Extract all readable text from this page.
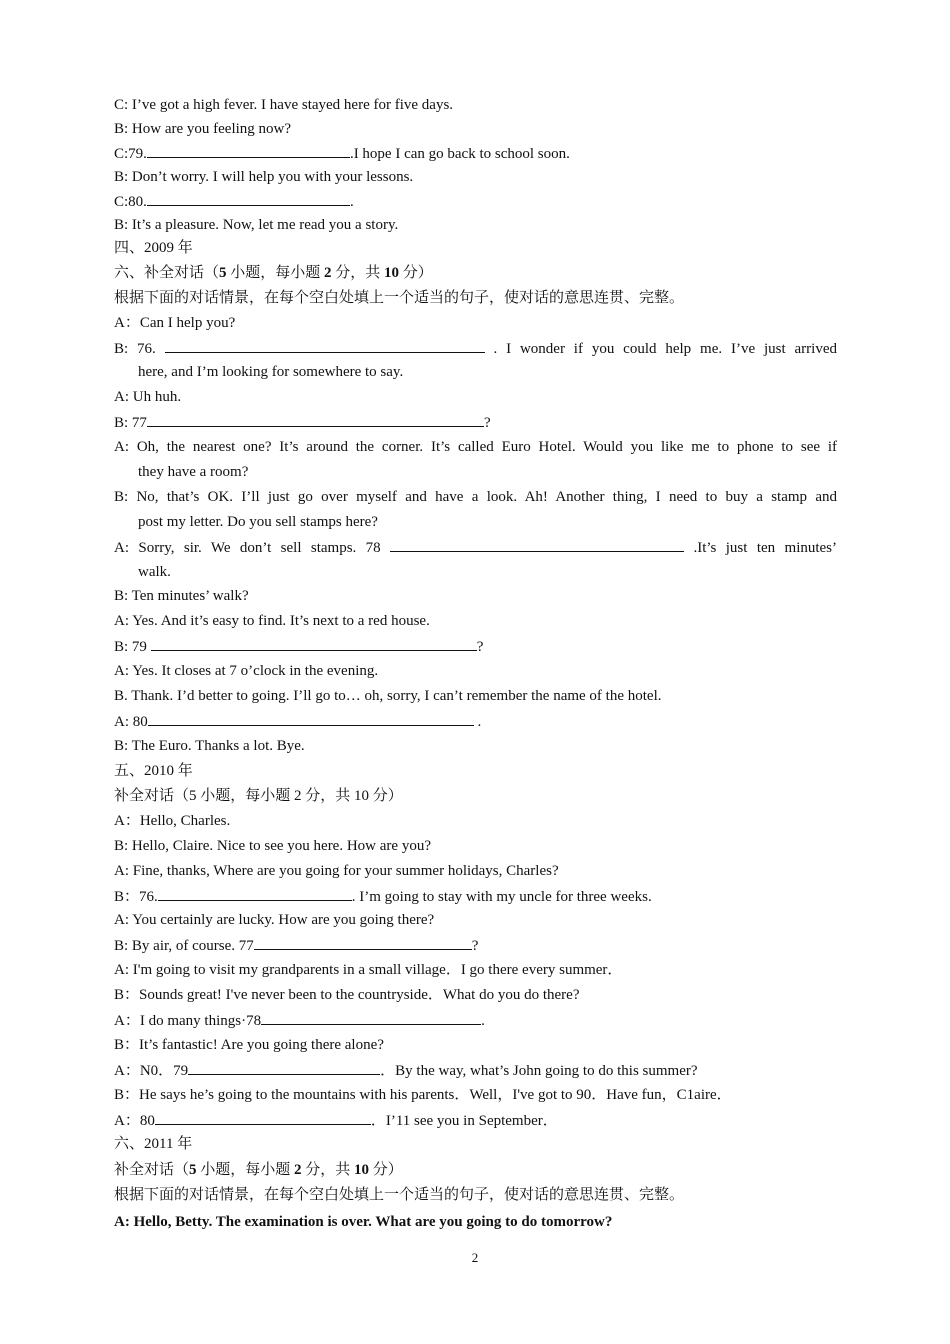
C: I’ve got a high fever. I have stayed here for five days.
B: How are you feeling now?
C:79.	.I hope I can go back to school soon.
B: Don’t worry. I will help you with your lessons.
C:80.	.
B: It’s a pleasure. Now, let me read you a story.
四、2009 年
六、补全对话（5 小题，每小题 2 分，共 10 分）
根据下面的对话情景，在每个空白处填上一个适当的句子，使对话的意思连贯、完整。
A：Can I help you?
B: 76.	. I wonder if you could help me. I’ve just arrived
here, and I’m looking for somewhere to say.
A: Uh huh.
B: 77	?
A: Oh, the nearest one? It’s around the corner. It’s called Euro Hotel. Would you like me to phone to see if
they have a room?
B: No, that’s OK. I’ll just go over myself and have a look. Ah! Another thing, I need to buy a stamp and
post my letter. Do you sell stamps here?
A: Sorry, sir. We don’t sell stamps. 78	.It’s just ten minutes’
walk.
B: Ten minutes’ walk?
A: Yes. And it’s easy to find. It’s next to a red house.
B: 79	?
A: Yes. It closes at 7 o’clock in the evening.
B. Thank. I’d better to going. I’ll go to… oh, sorry, I can’t remember the name of the hotel.
A: 80	.
B: The Euro. Thanks a lot. Bye.
五、2010 年
补全对话（5 小题，每小题 2 分，共 10 分）
A：Hello, Charles.
B: Hello, Claire. Nice to see you here. How are you?
A: Fine, thanks, Where are you going for your summer holidays, Charles?
B：76.	. I’m going to stay with my uncle for three weeks.
A: You certainly are lucky. How are you going there?
B: By air, of course. 77	?
A: I'm going to visit my grandparents in a small village．I go there every summer．
B：Sounds great! I've never been to the countryside．What do you do there?
A：I do many things·78	.
B：It’s fantastic! Are you going there alone?
A：N0．79	．By the way, what’s John going to do this summer?
B：He says he’s going to the mountains with his parents．Well，I've got to 90．Have fun，C1aire．
A：80	．I’11 see you in September．
六、2011 年
补全对话（5 小题，每小题 2 分，共 10 分）
根据下面的对话情景，在每个空白处填上一个适当的句子，使对话的意思连贯、完整。
A: Hello, Betty. The examination is over. What are you going to do tomorrow?
2
